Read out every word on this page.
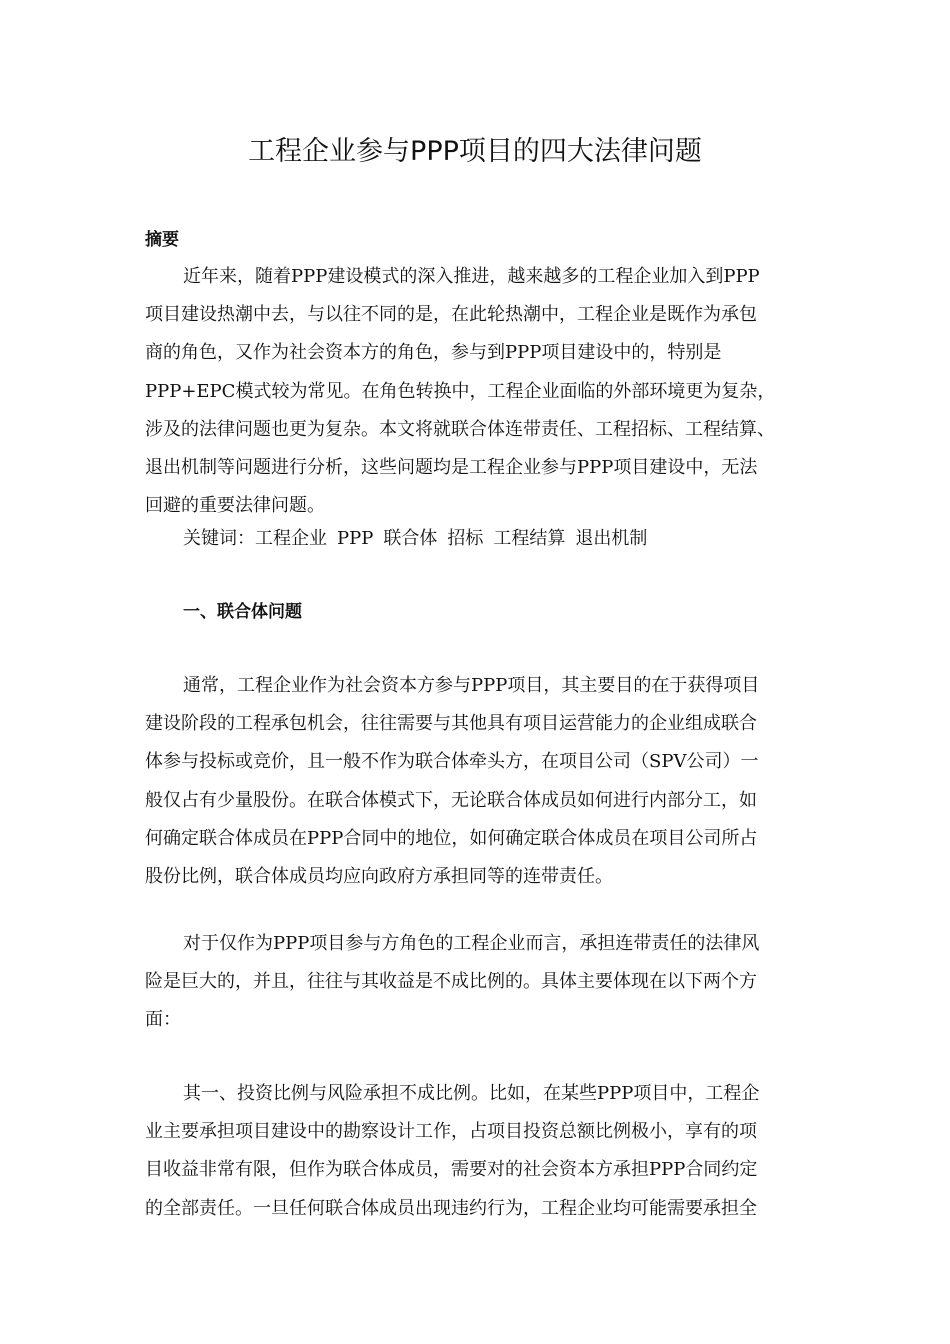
工程企业参与PPP项目的四大法律问题
摘要
近年来，随着PPP建设模式的深入推进，越来越多的工程企业加入到PPP
项目建设热潮中去，与以往不同的是，在此轮热潮中，工程企业是既作为承包
商的角色，又作为社会资本方的角色，参与到PPP项目建设中的，特别是
PPP+EPC模式较为常见。在角色转换中，工程企业面临的外部环境更为复杂，
涉及的法律问题也更为复杂。本文将就联合体连带责任、工程招标、工程结算、
退出机制等问题进行分析，这些问题均是工程企业参与PPP项目建设中，无法
回避的重要法律问题。
关键词：工程企业 PPP 联合体 招标 工程结算 退出机制
一、联合体问题
通常，工程企业作为社会资本方参与PPP项目，其主要目的在于获得项目
建设阶段的工程承包机会，往往需要与其他具有项目运营能力的企业组成联合
体参与投标或竞价，且一般不作为联合体牵头方，在项目公司（SPV公司）一
般仅占有少量股份。在联合体模式下，无论联合体成员如何进行内部分工，如
何确定联合体成员在PPP合同中的地位，如何确定联合体成员在项目公司所占
股份比例，联合体成员均应向政府方承担同等的连带责任。
对于仅作为PPP项目参与方角色的工程企业而言，承担连带责任的法律风
险是巨大的，并且，往往与其收益是不成比例的。具体主要体现在以下两个方
面：
其一、投资比例与风险承担不成比例。比如，在某些PPP项目中，工程企
业主要承担项目建设中的勘察设计工作，占项目投资总额比例极小，享有的项
目收益非常有限，但作为联合体成员，需要对的社会资本方承担PPP合同约定
的全部责任。一旦任何联合体成员出现违约行为，工程企业均可能需要承担全
